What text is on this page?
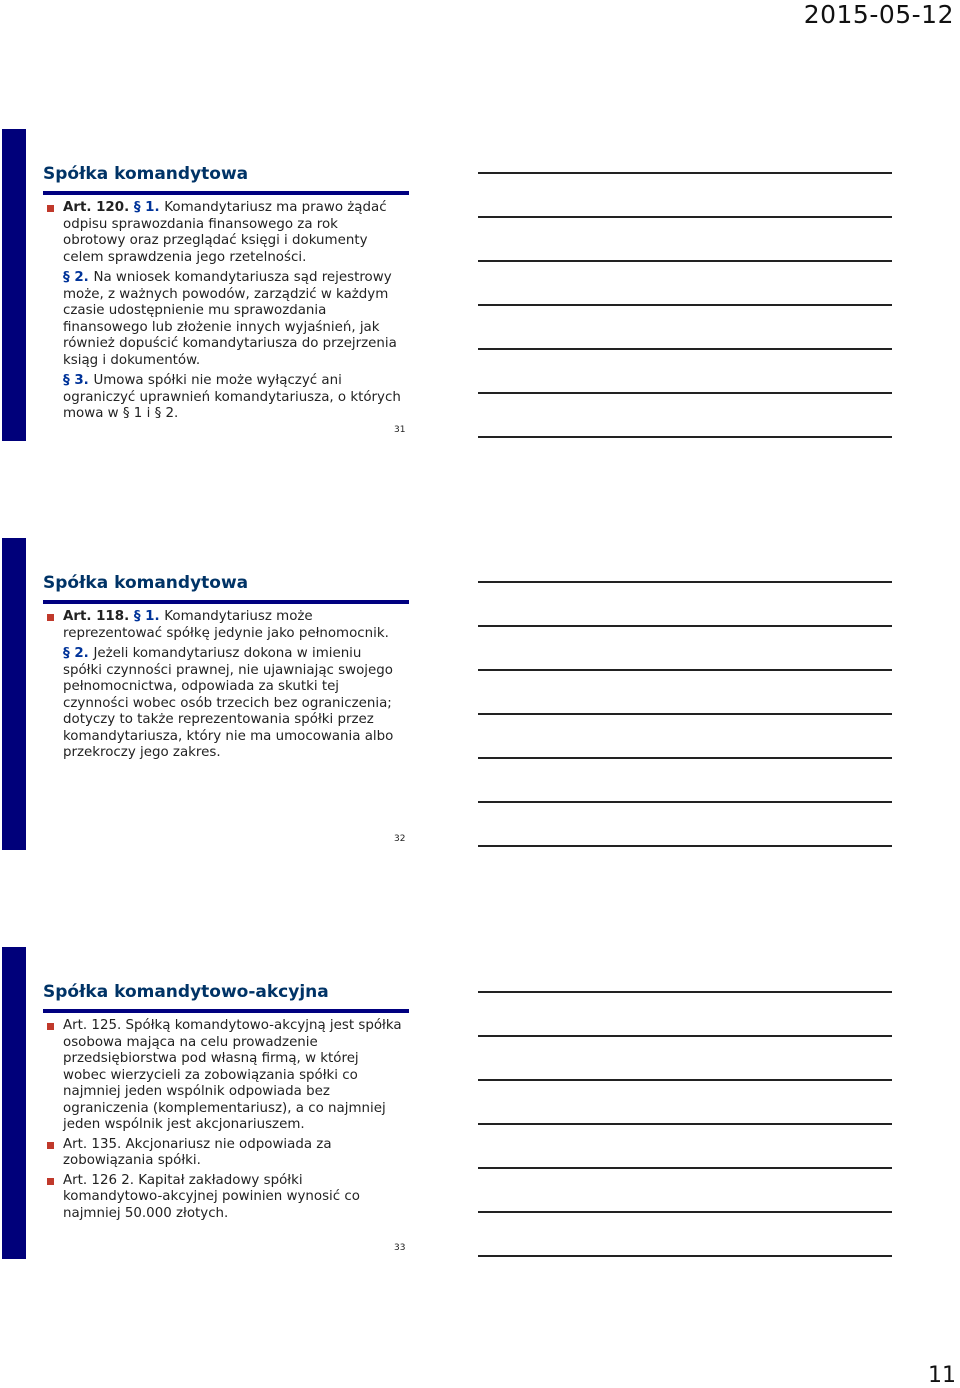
2015-05-12
Spółka komandytowa

Art. 120. § 1. Komandytariusz ma prawo żądać odpisu sprawozdania finansowego za rok obrotowy oraz przeglądać księgi i dokumenty celem sprawdzenia jego rzetelności.

§ 2. Na wniosek komandytariusza sąd rejestrowy może, z ważnych powodów, zarządzić w każdym czasie udostępnienie mu sprawozdania finansowego lub złożenie innych wyjaśnień, jak również dopuścić komandytariusza do przejrzenia ksiąg i dokumentów.

§ 3. Umowa spółki nie może wyłączyć ani ograniczyć uprawnień komandytariusza, o których mowa w § 1 i § 2.

31
Spółka komandytowa

Art. 118. § 1. Komandytariusz może reprezentować spółkę jedynie jako pełnomocnik.

§ 2. Jeżeli komandytariusz dokona w imieniu spółki czynności prawnej, nie ujawniając swojego pełnomocnictwa, odpowiada za skutki tej czynności wobec osób trzecich bez ograniczenia; dotyczy to także reprezentowania spółki przez komandytariusza, który nie ma umocowania albo przekroczy jego zakres.

32
Spółka komandytowo-akcyjna

Art. 125. Spółką komandytowo-akcyjną jest spółka osobowa mająca na celu prowadzenie przedsiębiorstwa pod własną firmą, w której wobec wierzycieli za zobowiązania spółki co najmniej jeden wspólnik odpowiada bez ograniczenia (komplementariusz), a co najmniej jeden wspólnik jest akcjonariuszem.

Art. 135. Akcjonariusz nie odpowiada za zobowiązania spółki.

Art. 126 2. Kapitał zakładowy spółki komandytowo-akcyjnej powinien wynosić co najmniej 50.000 złotych.

33
11
